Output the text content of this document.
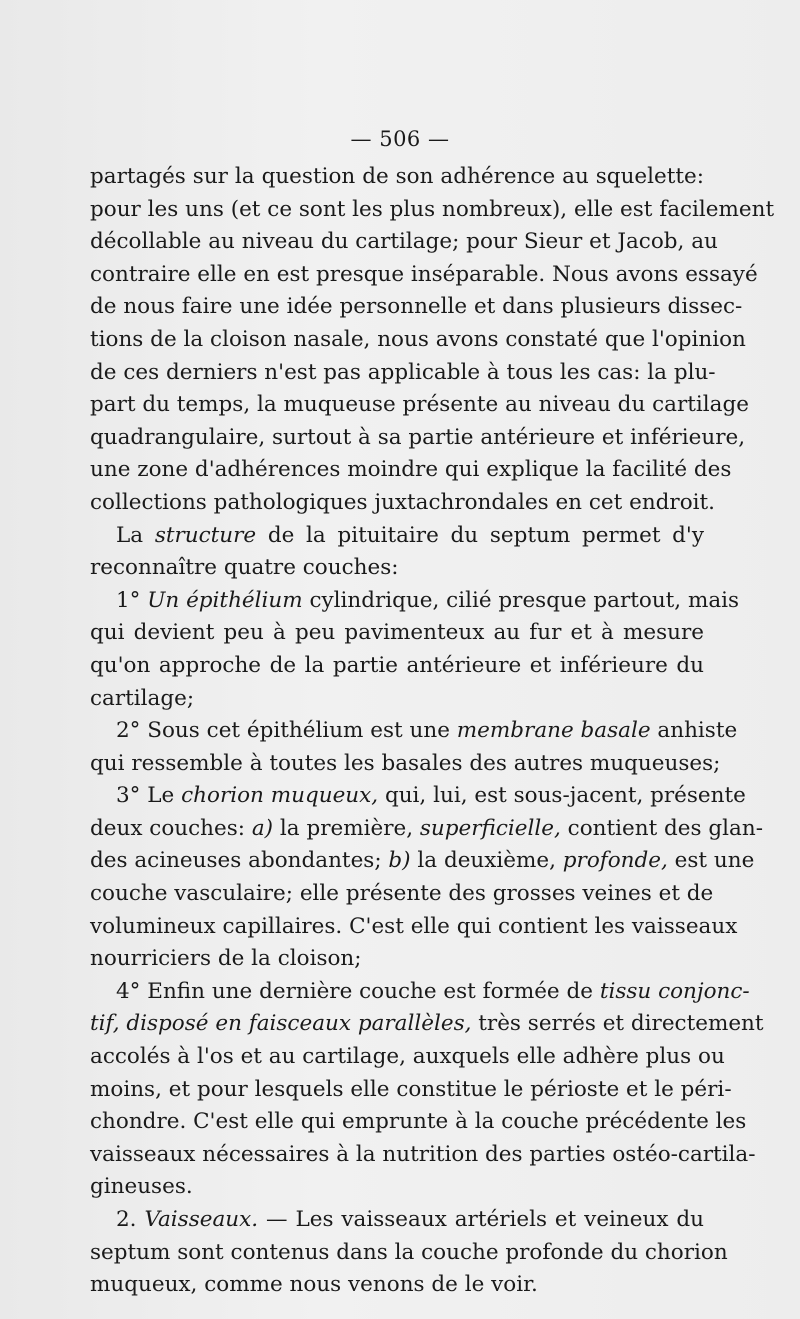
— 506 —
partagés sur la question de son adhérence au squelette:
pour les uns (et ce sont les plus nombreux), elle est facilement
décollable au niveau du cartilage; pour Sieur et Jacob, au
contraire elle en est presque inséparable. Nous avons essayé
de nous faire une idée personnelle et dans plusieurs dissec-
tions de la cloison nasale, nous avons constaté que l'opinion
de ces derniers n'est pas applicable à tous les cas: la plu-
part du temps, la muqueuse présente au niveau du cartilage
quadrangulaire, surtout à sa partie antérieure et inférieure,
une zone d'adhérences moindre qui explique la facilité des
collections pathologiques juxtachrondales en cet endroit.
La structure de la pituitaire du septum permet d'y
reconnaître quatre couches:
1° Un épithélium cylindrique, cilié presque partout, mais
qui devient peu à peu pavimenteux au fur et à mesure
qu'on approche de la partie antérieure et inférieure du
cartilage;
2° Sous cet épithélium est une membrane basale anhiste
qui ressemble à toutes les basales des autres muqueuses;
3° Le chorion muqueux, qui, lui, est sous-jacent, présente
deux couches: a) la première, superficielle, contient des glan-
des acineuses abondantes; b) la deuxième, profonde, est une
couche vasculaire; elle présente des grosses veines et de
volumineux capillaires. C'est elle qui contient les vaisseaux
nourriciers de la cloison;
4° Enfin une dernière couche est formée de tissu conjonc-
tif, disposé en faisceaux parallèles, très serrés et directement
accolés à l'os et au cartilage, auxquels elle adhère plus ou
moins, et pour lesquels elle constitue le périoste et le péri-
chondre. C'est elle qui emprunte à la couche précédente les
vaisseaux nécessaires à la nutrition des parties ostéo-cartila-
gineuses.
2. Vaisseaux. — Les vaisseaux artériels et veineux du
septum sont contenus dans la couche profonde du chorion
muqueux, comme nous venons de le voir.
